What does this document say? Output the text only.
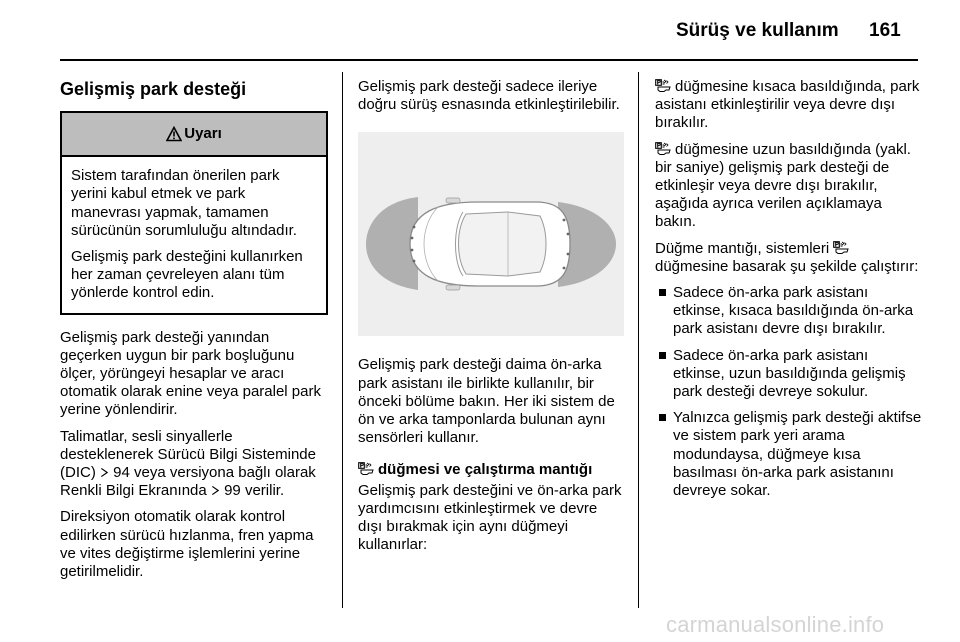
Sürüş ve kullanım 161
Gelişmiş park desteği
Uyarı

Sistem tarafından önerilen park yerini kabul etmek ve park manevrası yapmak, tamamen sürücünün sorumluluğu altındadır.

Gelişmiş park desteğini kullanırken her zaman çevreleyen alanı tüm yönlerde kontrol edin.

Gelişmiş park desteği yanından geçerken uygun bir park boşluğunu ölçer, yörüngeyi hesaplar ve aracı otomatik olarak enine veya paralel park yerine yönlendirir.

Talimatlar, sesli sinyallerle desteklenerek Sürücü Bilgi Sisteminde (DIC) 94 veya versiyona bağlı olarak Renkli Bilgi Ekranında 99 verilir.

Direksiyon otomatik olarak kontrol edilirken sürücü hızlanma, fren yapma ve vites değiştirme işlemlerini yerine getirilmelidir.

Gelişmiş park desteği sadece ileriye doğru sürüş esnasında etkinleştirilebilir.

Gelişmiş park desteği daima ön-arka park asistanı ile birlikte kullanılır, bir önceki bölüme bakın. Her iki sistem de ön ve arka tamponlarda bulunan aynı sensörleri kullanır.

düğmesi ve çalıştırma mantığı

Gelişmiş park desteğini ve ön-arka park yardımcısını etkinleştirmek ve devre dışı bırakmak için aynı düğmeyi kullanırlar:

düğmesine kısaca basıldığında, park asistanı etkinleştirilir veya devre dışı bırakılır.

düğmesine uzun basıldığında (yakl. bir saniye) gelişmiş park desteği de etkinleşir veya devre dışı bırakılır, aşağıda ayrıca verilen açıklamaya bakın.

Düğme mantığı, sistemleri düğmesine basarak şu şekilde çalıştırır:

Sadece ön-arka park asistanı etkinse, kısaca basıldığında ön-arka park asistanı devre dışı bırakılır.
Sadece ön-arka park asistanı etkinse, uzun basıldığında gelişmiş park desteği devreye sokulur.
Yalnızca gelişmiş park desteği aktifse ve sistem park yeri arama modundaysa, düğmeye kısa basılması ön-arka park asistanını devreye sokar.
carmanualsonline.info
